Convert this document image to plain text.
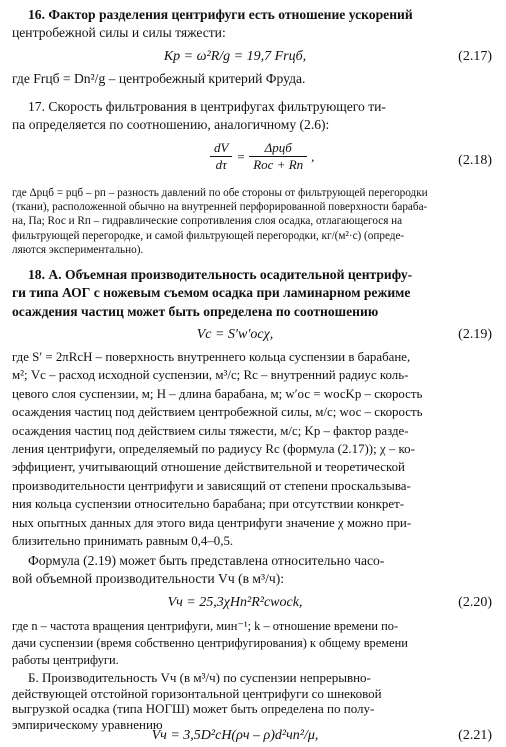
16. Фактор разделения центрифуги есть отношение ускорений
центробежной силы и силы тяжести:

Kр = ω²R/g = 19,7 Frцб,	(2.17)

где Frцб = Dn²/g – центробежный критерий Фруда.

17. Скорость фильтрования в центрифугах фильтрующего ти-
па определяется по соотношению, аналогичному (2.6):

dV	=	Δpцб	,
dτ		Rос + Rп		(2.18)

где Δpцб = pцб – pп – разность давлений по обе стороны от фильтрующей перегородки
(ткани), расположенной обычно на внутренней перфорированной поверхности бараба-
на, Па; Rос и Rп – гидравлические сопротивления слоя осадка, отлагающегося на
фильтрующей перегородке, и самой фильтрующей перегородки, кг/(м²·с) (опреде-
ляются экспериментально).

18. А. Объемная производительность осадительной центрифу-
ги типа АОГ с ножевым съемом осадка при ламинарном режиме
осаждения частиц может быть определена по соотношению

Vс = S′w′осχ,	(2.19)

где S′ = 2πRсH – поверхность внутреннего кольца суспензии в барабане,
м²; Vс – расход исходной суспензии, м³/с; Rс – внутренний радиус коль-
цевого слоя суспензии, м; H – длина барабана, м; w′ос = wосKр – скорость
осаждения частиц под действием центробежной силы, м/с; wос – скорость
осаждения частиц под действием силы тяжести, м/с; Kр – фактор разде-
ления центрифуги, определяемый по радиусу Rс (формула (2.17)); χ – ко-
эффициент, учитывающий отношение действительной и теоретической
производительности центрифуги и зависящий от степени проскальзыва-
ния кольца суспензии относительно барабана; при отсутствии конкрет-
ных опытных данных для этого вида центрифуги значение χ можно при-
близительно принимать равным 0,4–0,5.

Формула (2.19) может быть представлена относительно часо-
вой объемной производительности Vч (в м³/ч):

Vч = 25,3χHn²R²сwосk,	(2.20)

где n – частота вращения центрифуги, мин⁻¹; k – отношение времени по-
дачи суспензии (время собственно центрифугирования) к общему времени
работы центрифуги.

Б. Производительность Vч (в м³/ч) по суспензии непрерывно-
действующей отстойной горизонтальной центрифуги со шнековой
выгрузкой осадка (типа НОГШ) может быть определена по полу-
эмпирическому уравнению

Vч = 3,5D²сH(ρч – ρ)d²чn²/μ,	(2.21)
